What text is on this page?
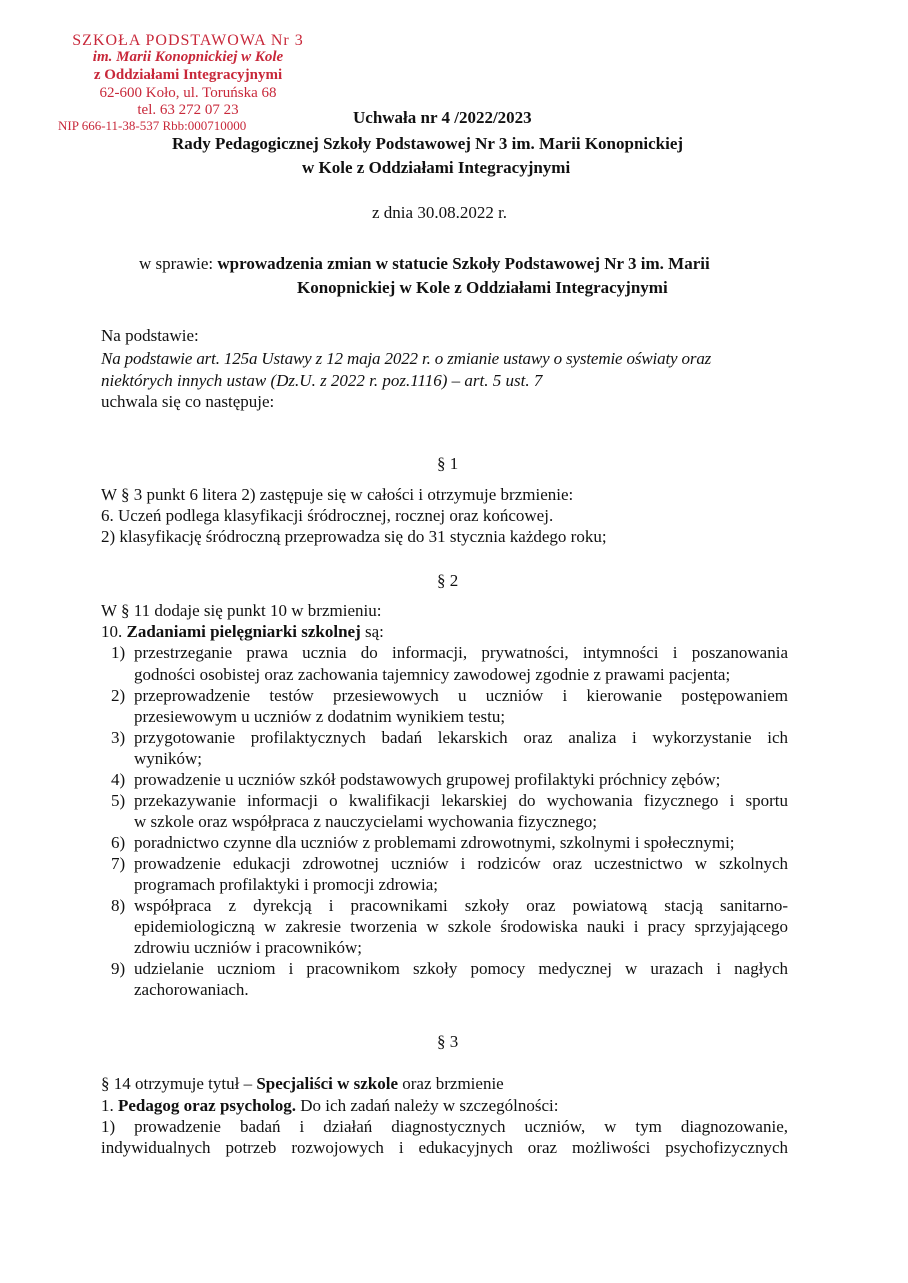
SZKOŁA PODSTAWOWA Nr 3
im. Marii Konopnickiej w Kole
z Oddziałami Integracyjnymi
62-600 Koło, ul. Toruńska 68
tel. 63 272 07 23
NIP 666-11-38-537 Rbb:000710000	Uchwała nr 4 /2022/2023
Rady Pedagogicznej Szkoły Podstawowej Nr 3 im. Marii Konopnickiej
w Kole z Oddziałami Integracyjnymi
z dnia 30.08.2022 r.
w sprawie: wprowadzenia zmian w statucie Szkoły Podstawowej Nr 3 im. Marii
Konopnickiej w Kole z Oddziałami Integracyjnymi
Na podstawie:
Na podstawie art. 125a Ustawy z 12 maja 2022 r. o zmianie ustawy o systemie oświaty oraz
niektórych innych ustaw (Dz.U. z 2022 r. poz.1116) – art. 5 ust. 7
uchwala się co następuje:
§ 1
W § 3 punkt 6 litera 2) zastępuje się w całości i otrzymuje brzmienie:
6. Uczeń podlega klasyfikacji śródrocznej, rocznej oraz końcowej.
2) klasyfikację śródroczną przeprowadza się do 31 stycznia każdego roku;
§ 2
W § 11 dodaje się punkt 10 w brzmieniu:
10. Zadaniami pielęgniarki szkolnej są:
1) przestrzeganie prawa ucznia do informacji, prywatności, intymności i poszanowania
godności osobistej oraz zachowania tajemnicy zawodowej zgodnie z prawami pacjenta;
2) przeprowadzenie testów przesiewowych u uczniów i kierowanie postępowaniem
przesiewowym u uczniów z dodatnim wynikiem testu;
3) przygotowanie profilaktycznych badań lekarskich oraz analiza i wykorzystanie ich
wyników;
4) prowadzenie u uczniów szkół podstawowych grupowej profilaktyki próchnicy zębów;
5) przekazywanie informacji o kwalifikacji lekarskiej do wychowania fizycznego i sportu
w szkole oraz współpraca z nauczycielami wychowania fizycznego;
6) poradnictwo czynne dla uczniów z problemami zdrowotnymi, szkolnymi i społecznymi;
7) prowadzenie edukacji zdrowotnej uczniów i rodziców oraz uczestnictwo w szkolnych
programach profilaktyki i promocji zdrowia;
8) współpraca z dyrekcją i pracownikami szkoły oraz powiatową stacją sanitarno-
epidemiologiczną w zakresie tworzenia w szkole środowiska nauki i pracy sprzyjającego
zdrowiu uczniów i pracowników;
9) udzielanie uczniom i pracownikom szkoły pomocy medycznej w urazach i nagłych
zachorowaniach.
§ 3
§ 14 otrzymuje tytuł – Specjaliści w szkole oraz brzmienie
1. Pedagog oraz psycholog. Do ich zadań należy w szczególności:
1) prowadzenie badań i działań diagnostycznych uczniów, w tym diagnozowanie,
indywidualnych potrzeb rozwojowych i edukacyjnych oraz możliwości psychofizycznych
